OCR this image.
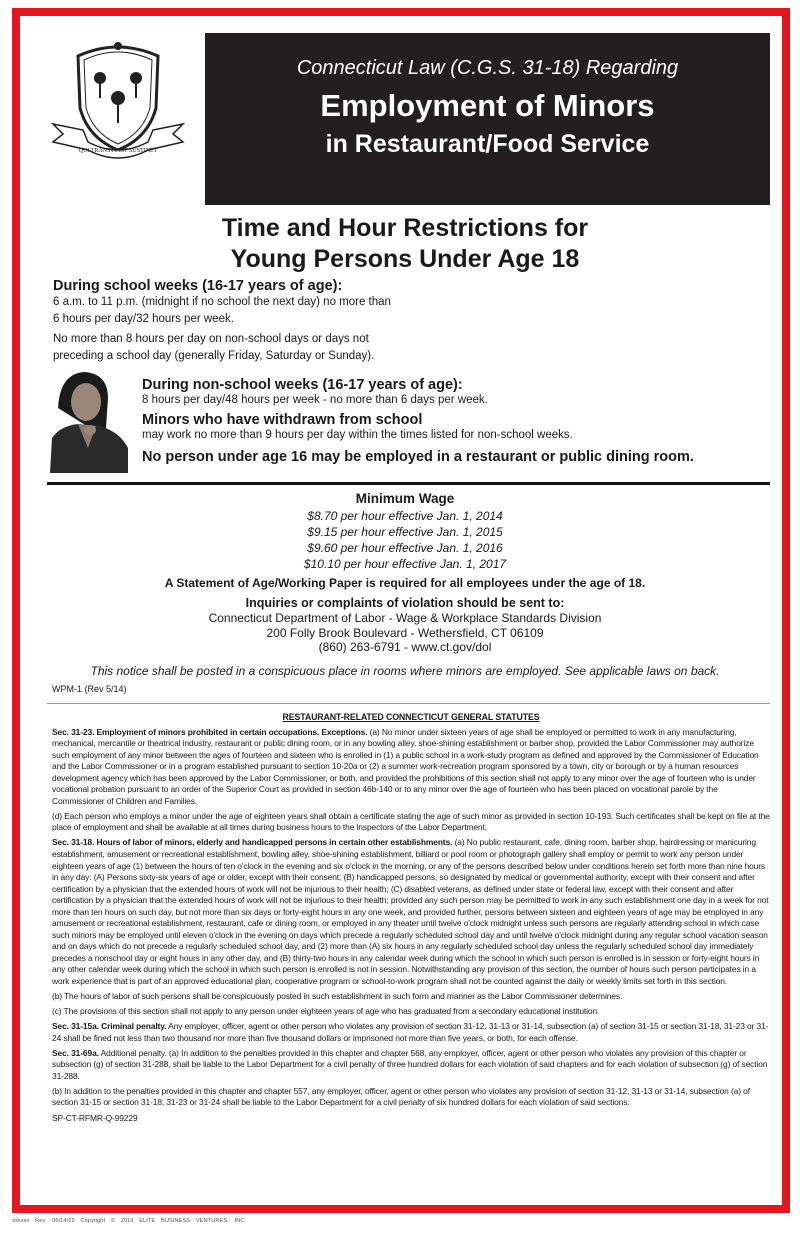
QUI TRANSTULIT SUSTINET
Connecticut Law (C.G.S. 31-18) Regarding
Employment of Minors
in Restaurant/Food Service
Time and Hour Restrictions for
Young Persons Under Age 18
During school weeks (16-17 years of age):
6 a.m. to 11 p.m. (midnight if no school the next day) no more than
6 hours per day/32 hours per week.
No more than 8 hours per day on non-school days or days not
preceding a school day (generally Friday, Saturday or Sunday).
During non-school weeks (16-17 years of age):
8 hours per day/48 hours per week - no more than 6 days per week.
Minors who have withdrawn from school
may work no more than 9 hours per day within the times listed for non-school weeks.
No person under age 16 may be employed in a restaurant or public dining room.
Minimum Wage
$8.70 per hour effective Jan. 1, 2014
$9.15 per hour effective Jan. 1, 2015
$9.60 per hour effective Jan. 1, 2016
$10.10 per hour effective Jan. 1, 2017
A Statement of Age/Working Paper is required for all employees under the age of 18.
Inquiries or complaints of violation should be sent to:
Connecticut Department of Labor - Wage & Workplace Standards Division
200 Folly Brook Boulevard - Wethersfield, CT 06109
(860) 263-6791 - www.ct.gov/dol
This notice shall be posted in a conspicuous place in rooms where minors are employed. See applicable laws on back.
WPM-1 (Rev 5/14)
RESTAURANT-RELATED CONNECTICUT GENERAL STATUTES

Sec. 31-23. Employment of minors prohibited in certain occupations. Exceptions. (a) No minor under sixteen years of age shall be employed or permitted to work in any manufacturing, mechanical, mercantile or theatrical industry, restaurant or public dining room, or in any bowling alley, shoe-shining establishment or barber shop, provided the Labor Commissioner may authorize such employment of any minor between the ages of fourteen and sixteen who is enrolled in (1) a public school in a work-study program as defined and approved by the Commissioner of Education and the Labor Commissioner or in a program established pursuant to section 10-20a or (2) a summer work-recreation program sponsored by a town, city or borough or by a human resources development agency which has been approved by the Labor Commissioner, or both, and provided the prohibitions of this section shall not apply to any minor over the age of fourteen who is under vocational probation pursuant to an order of the Superior Court as provided in section 46b-140 or to any minor over the age of fourteen who has been placed on vocational parole by the Commissioner of Children and Families.

(d) Each person who employs a minor under the age of eighteen years shall obtain a certificate stating the age of such minor as provided in section 10-193. Such certificates shall be kept on file at the place of employment and shall be available at all times during business hours to the inspectors of the Labor Department.

Sec. 31-18. Hours of labor of minors, elderly and handicapped persons in certain other establishments. (a) No public restaurant, cafe, dining room, barber shop, hairdressing or manicuring establishment, amusement or recreational establishment, bowling alley, shoe-shining establishment, billiard or pool room or photograph gallery shall employ or permit to work any person under eighteen years of age (1) between the hours of ten o'clock in the evening and six o'clock in the morning, or any of the persons described below under conditions herein set forth more than nine hours in any day: (A) Persons sixty-six years of age or older, except with their consent; (B) handicapped persons, so designated by medical or governmental authority, except with their consent and after certification by a physician that the extended hours of work will not be injurious to their health; (C) disabled veterans, as defined under state or federal law, except with their consent and after certification by a physician that the extended hours of work will not be injurious to their health; provided any such person may be permitted to work in any such establishment one day in a week for not more than ten hours on such day, but not more than six days or forty-eight hours in any one week, and provided further, persons between sixteen and eighteen years of age may be employed in any amusement or recreational establishment, restaurant, cafe or dining room, or employed in any theater until twelve o'clock midnight unless such persons are regularly attending school in which case such minors may be employed until eleven o'clock in the evening on days which precede a regularly scheduled school day and until twelve o'clock midnight during any regular school vacation season and on days which do not precede a regularly scheduled school day, and (2) more than (A) six hours in any regularly scheduled school day unless the regularly scheduled school day immediately precedes a nonschool day or eight hours in any other day, and (B) thirty-two hours in any calendar week during which the school in which such person is enrolled is in session or forty-eight hours in any other calendar week during which the school in which such person is enrolled is not in session. Notwithstanding any provision of this section, the number of hours such person participates in a work experience that is part of an approved educational plan, cooperative program or school-to-work program shall not be counted against the daily or weekly limits set forth in this section.

(b) The hours of labor of such persons shall be conspicuously posted in such establishment in such form and manner as the Labor Commissioner determines.

(c) The provisions of this section shall not apply to any person under eighteen years of age who has graduated from a secondary educational institution.

Sec. 31-15a. Criminal penalty. Any employer, officer, agent or other person who violates any provision of section 31-12, 31-13 or 31-14, subsection (a) of section 31-15 or section 31-18, 31-23 or 31-24 shall be fined not less than two thousand nor more than five thousand dollars or imprisoned not more than five years, or both, for each offense.

Sec. 31-69a. Additional penalty. (a) In addition to the penalties provided in this chapter and chapter 568, any employer, officer, agent or other person who violates any provision of this chapter or subsection (g) of section 31-288, shall be liable to the Labor Department for a civil penalty of three hundred dollars for each violation of said chapters and for each violation of subsection (g) of section 31-288.

(b) In addition to the penalties provided in this chapter and chapter 557, any employer, officer, agent or other person who violates any provision of section 31-12, 31-13 or 31-14, subsection (a) of section 31-15 or section 31-18, 31-23 or 31-24 shall be liable to the Labor Department for a civil penalty of six hundred dollars for each violation of said sections.

SP-CT-RFMR-Q-99229
xxxxxx Rev. 06/14/19 Copyright © 2019 ELITE BUSINESS VENTURES, INC.
